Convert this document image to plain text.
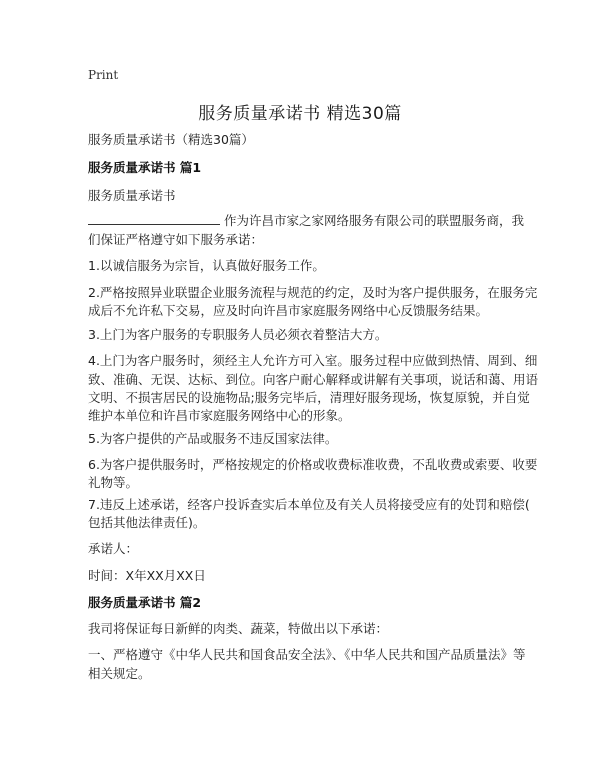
Print
服务质量承诺书 精选30篇
服务质量承诺书（精选30篇）
服务质量承诺书 篇1
服务质量承诺书
作为许昌市家之家网络服务有限公司的联盟服务商，我
们保证严格遵守如下服务承诺：
1.以诚信服务为宗旨，认真做好服务工作。
2.严格按照异业联盟企业服务流程与规范的约定，及时为客户提供服务，在服务完
成后不允许私下交易，应及时向许昌市家庭服务网络中心反馈服务结果。
3.上门为客户服务的专职服务人员必须衣着整洁大方。
4.上门为客户服务时，须经主人允许方可入室。服务过程中应做到热情、周到、细
致、准确、无误、达标、到位。向客户耐心解释或讲解有关事项，说话和蔼、用语
文明、不损害居民的设施物品;服务完毕后，清理好服务现场，恢复原貌，并自觉
维护本单位和许昌市家庭服务网络中心的形象。
5.为客户提供的产品或服务不违反国家法律。
6.为客户提供服务时，严格按规定的价格或收费标准收费，不乱收费或索要、收要
礼物等。
7.违反上述承诺，经客户投诉查实后本单位及有关人员将接受应有的处罚和赔偿(
包括其他法律责任)。
承诺人：
时间：X年XX月XX日
服务质量承诺书 篇2
我司将保证每日新鲜的肉类、蔬菜，特做出以下承诺：
一、严格遵守《中华人民共和国食品安全法》、《中华人民共和国产品质量法》等
相关规定。
